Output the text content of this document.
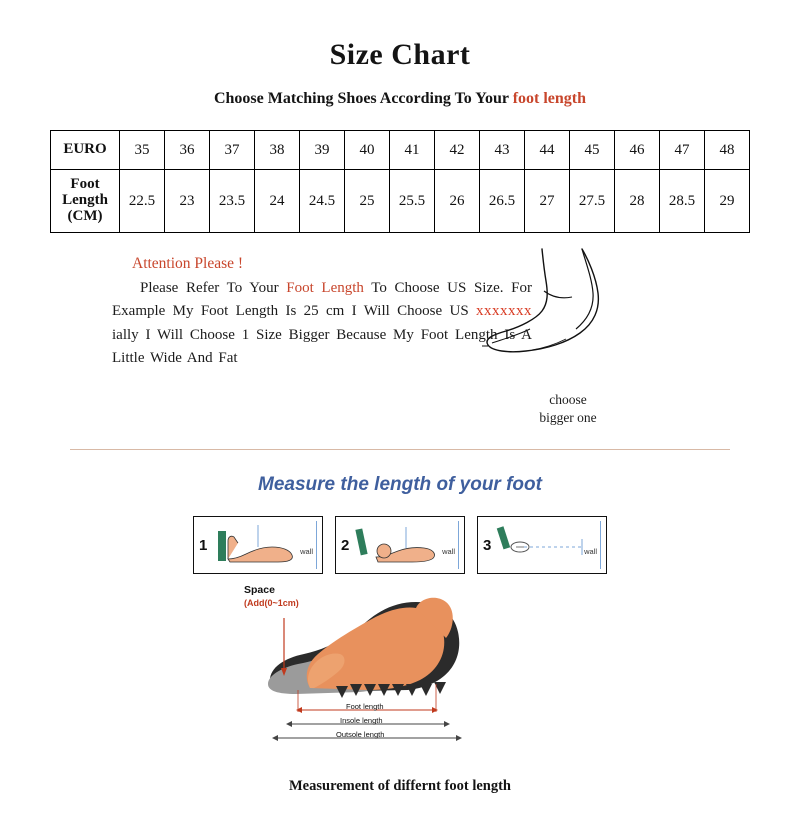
Size Chart
Choose Matching Shoes According To Your foot length
EURO	35	36	37	38	39	40	41	42	43	44	45	46	47	48

Foot
Length
(CM)	22.5	23	23.5	24	24.5	25	25.5	26	26.5	27	27.5	28	28.5	29
Attention Please !
Please Refer To Your Foot Length To Choose US Size. For Example My Foot Length Is 25 cm I Will Choose US xxxxxxx ially I Will Choose 1 Size Bigger Because My Foot Length Is A Little Wide And Fat
choose
bigger one
Measure the length of your foot
1	wall 2	wall 3	wall
Space
(Add(0~1cm)
Foot length
Insole length
Outsole length
Measurement of differnt foot length
